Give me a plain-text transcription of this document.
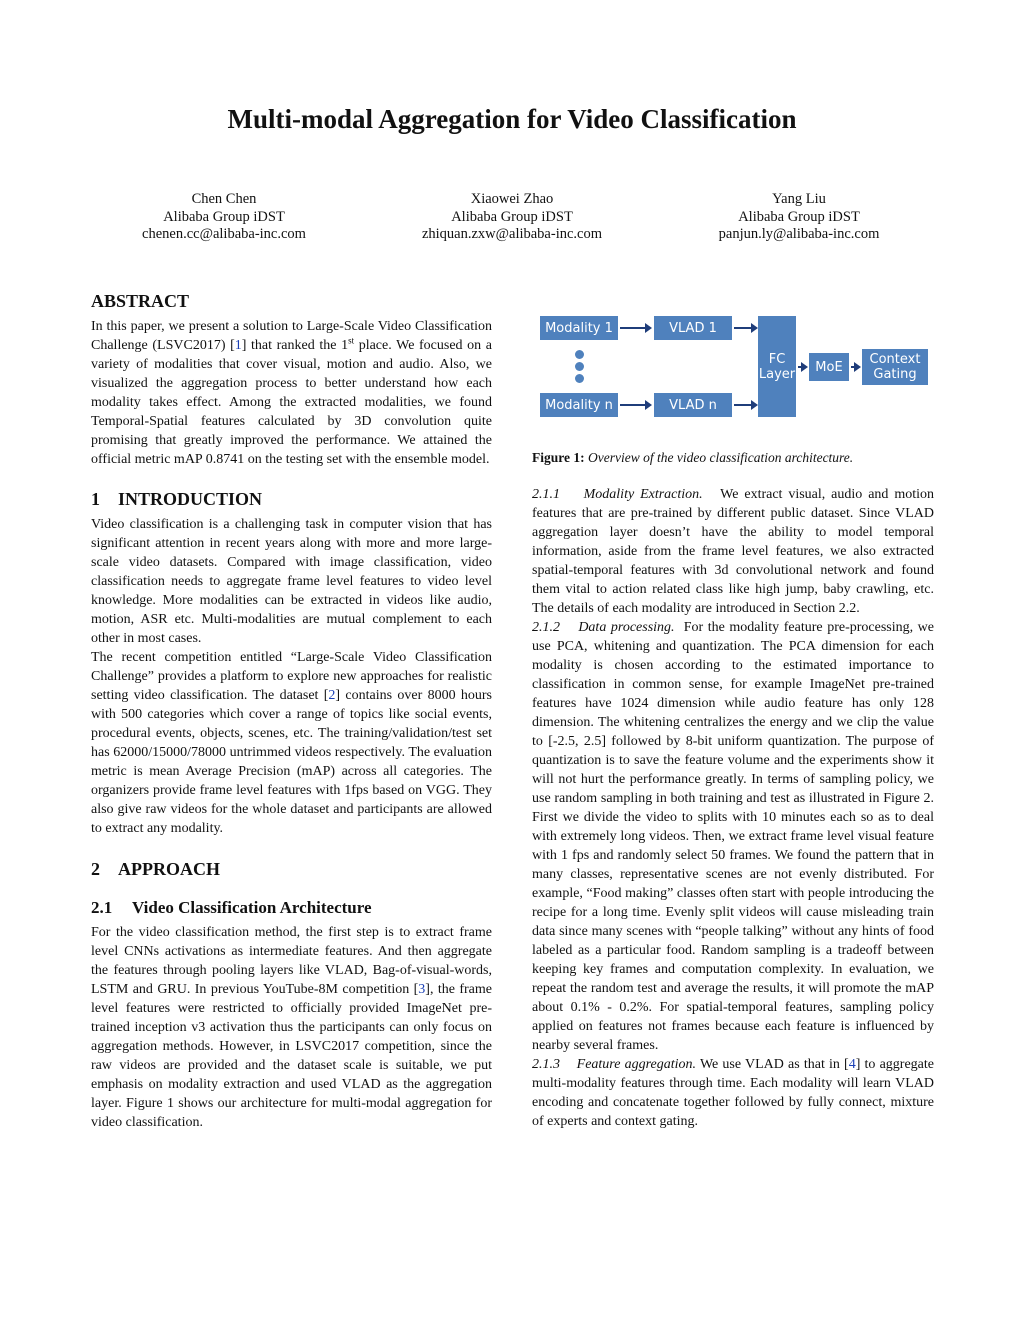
Multi-modal Aggregation for Video Classification
Chen Chen
Alibaba Group iDST
chenen.cc@alibaba-inc.com
Xiaowei Zhao
Alibaba Group iDST
zhiquan.zxw@alibaba-inc.com
Yang Liu
Alibaba Group iDST
panjun.ly@alibaba-inc.com
ABSTRACT

In this paper, we present a solution to Large-Scale Video Classification Challenge (LSVC2017) [1] that ranked the 1st place. We focused on a variety of modalities that cover visual, motion and audio. Also, we visualized the aggregation process to better understand how each modality takes effect. Among the extracted modalities, we found Temporal-Spatial features calculated by 3D convolution quite promising that greatly improved the performance. We attained the official metric mAP 0.8741 on the testing set with the ensemble model.

1 INTRODUCTION

Video classification is a challenging task in computer vision that has significant attention in recent years along with more and more large-scale video datasets. Compared with image classification, video classification needs to aggregate frame level features to video level knowledge. More modalities can be extracted in videos like audio, motion, ASR etc. Multi-modalities are mutual complement to each other in most cases.

The recent competition entitled “Large-Scale Video Classification Challenge” provides a platform to explore new approaches for realistic setting video classification. The dataset [2] contains over 8000 hours with 500 categories which cover a range of topics like social events, procedural events, objects, scenes, etc. The training/validation/test set has 62000/15000/78000 untrimmed videos respectively. The evaluation metric is mean Average Precision (mAP) across all categories. The organizers provide frame level features with 1fps based on VGG. They also give raw videos for the whole dataset and participants are allowed to extract any modality.

2 APPROACH
2.1 Video Classification Architecture

For the video classification method, the first step is to extract frame level CNNs activations as intermediate features. And then aggregate the features through pooling layers like VLAD, Bag-of-visual-words, LSTM and GRU. In previous YouTube-8M competition [3], the frame level features were restricted to officially provided ImageNet pre-trained inception v3 activation thus the participants can only focus on aggregation methods. However, in LSVC2017 competition, since the raw videos are provided and the dataset scale is suitable, we put emphasis on modality extraction and used VLAD as the aggregation layer. Figure 1 shows our architecture for multi-modal aggregation for video classification.

Modality 1	VLAD 1
Modality n	VLAD n
FC Layer	MoE	Context Gating
Figure 1: Overview of the video classification architecture.

2.1.1 Modality Extraction. We extract visual, audio and motion features that are pre-trained by different public dataset. Since VLAD aggregation layer doesn’t have the ability to model temporal information, aside from the frame level features, we also extracted spatial-temporal features with 3d convolutional network and found them vital to action related class like high jump, baby crawling, etc. The details of each modality are introduced in Section 2.2.

2.1.2 Data processing. For the modality feature pre-processing, we use PCA, whitening and quantization. The PCA dimension for each modality is chosen according to the estimated importance to classification in common sense, for example ImageNet pre-trained features have 1024 dimension while audio feature has only 128 dimension. The whitening centralizes the energy and we clip the value to [-2.5, 2.5] followed by 8-bit uniform quantization. The purpose of quantization is to save the feature volume and the experiments show it will not hurt the performance greatly. In terms of sampling policy, we use random sampling in both training and test as illustrated in Figure 2. First we divide the video to splits with 10 minutes each so as to deal with extremely long videos. Then, we extract frame level visual feature with 1 fps and randomly select 50 frames. We found the pattern that in many classes, representative scenes are not evenly distributed. For example, “Food making” classes often start with people introducing the recipe for a long time. Evenly split videos will cause misleading train data since many scenes with “people talking” without any hints of food labeled as a particular food. Random sampling is a tradeoff between keeping key frames and computation complexity. In evaluation, we repeat the random test and average the results, it will promote the mAP about 0.1% - 0.2%. For spatial-temporal features, sampling policy applied on features not frames because each feature is influenced by nearby several frames.

2.1.3 Feature aggregation. We use VLAD as that in [4] to aggregate multi-modality features through time. Each modality will learn VLAD encoding and concatenate together followed by fully connect, mixture of experts and context gating.
